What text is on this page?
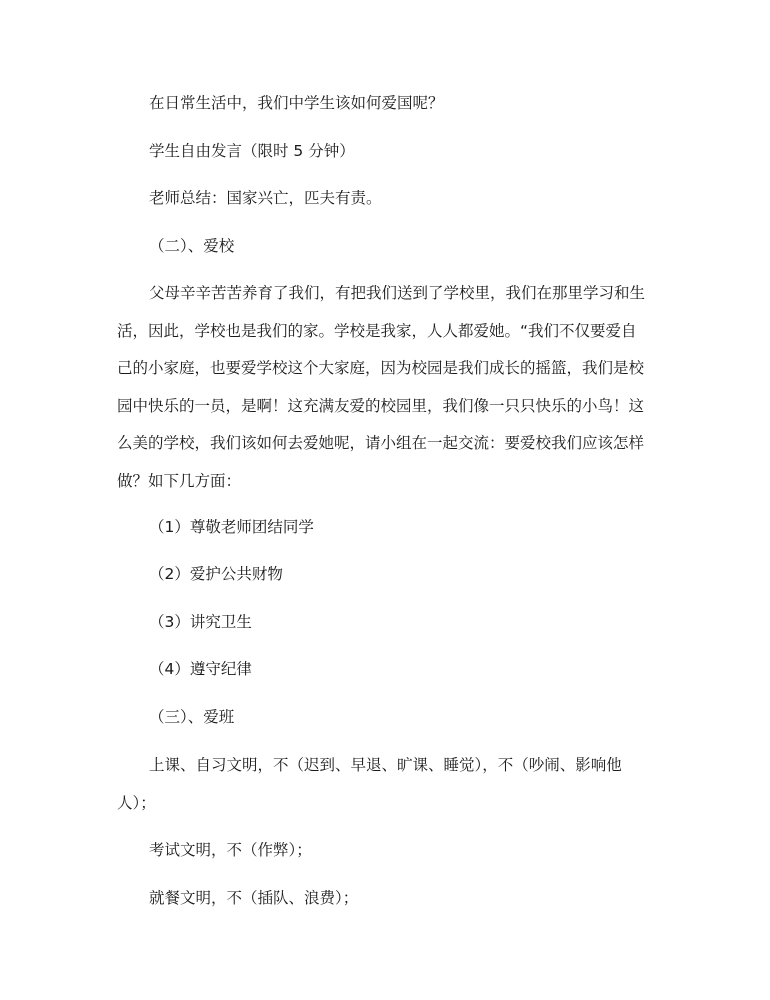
在日常生活中，我们中学生该如何爱国呢？

学生自由发言（限时 5 分钟）

老师总结：国家兴亡，匹夫有责。

（二）、爱校

父母辛辛苦苦养育了我们，有把我们送到了学校里，我们在那里学习和生
活，因此，学校也是我们的家。学校是我家，人人都爱她。“我们不仅要爱自
己的小家庭，也要爱学校这个大家庭，因为校园是我们成长的摇篮，我们是校
园中快乐的一员，是啊！这充满友爱的校园里，我们像一只只快乐的小鸟！这
么美的学校，我们该如何去爱她呢，请小组在一起交流：要爱校我们应该怎样
做？如下几方面：

（1）尊敬老师团结同学

（2）爱护公共财物

（3）讲究卫生

（4）遵守纪律

（三）、爱班

上课、自习文明，不（迟到、早退、旷课、睡觉），不（吵闹、影响他
人）；

考试文明，不（作弊）；

就餐文明，不（插队、浪费）；
